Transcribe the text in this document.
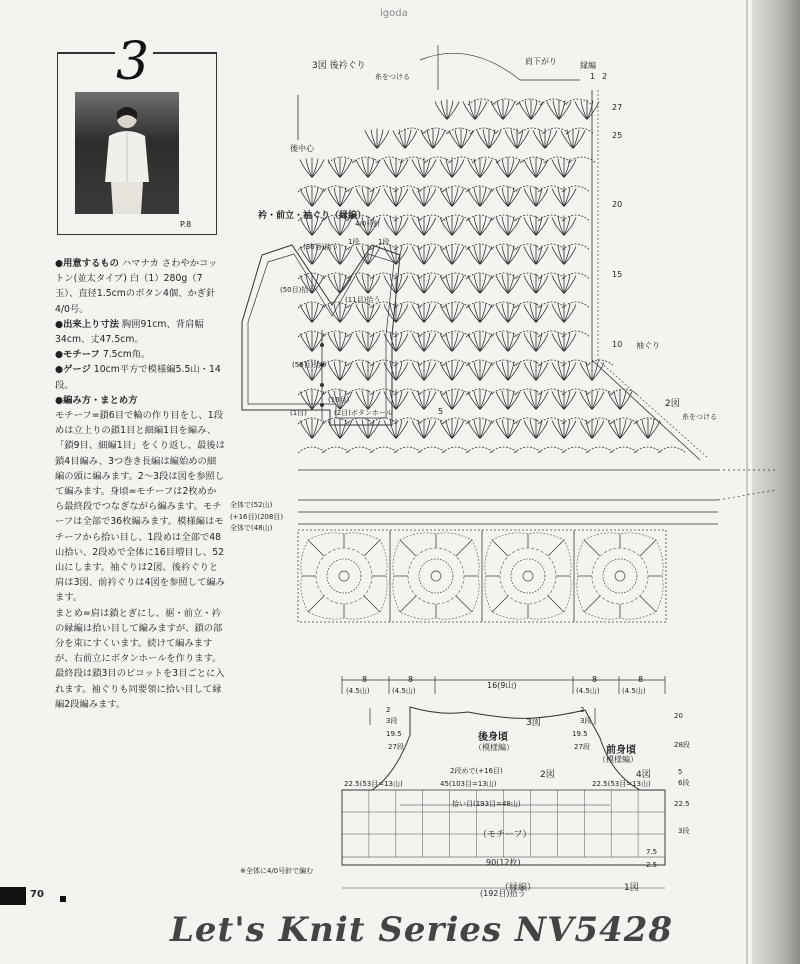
igoda
3
P.8

●用意するもの ハマナカ さわやかコットン(並太タイプ) 白（1）280g（7玉）、直径1.5cmのボタン4個、かぎ針4/0号。

●出来上り寸法 胸囲91cm、背肩幅34cm、丈47.5cm。

●モチーフ 7.5cm角。

●ゲージ 10cm平方で模様編5.5山・14段。

●編み方・まとめ方

モチーフ=鎖6目で輪の作り目をし、1段めは立上りの鎖1目と細編1目を編み、「鎖9目、細編1目」をくり返し、最後は鎖4目編み、3つ巻き長編は編始めの細編の頭に編みます。2～3段は図を参照して編みます。身頃=モチーフは2枚めから最終段でつなぎながら編みます。モチーフは全部で36枚編みます。模様編はモチーフから拾い目し、1段めは全部で48山拾い、2段めで全体に16目増目し、52山にします。袖ぐりは2図、後衿ぐりと肩は3図、前衿ぐりは4図を参照して編みます。

まとめ=肩は鎖とぎにし、裾・前立・衿の縁編は拾い目して編みますが、鎖の部分を束にすくいます。続けて編みますが、右前立にボタンホールを作ります。最終段は鎖3目のピコットを3目ごとに入れます。袖ぐりも同要領に拾い目して縁編2段編みます。

3図 後衿ぐり	肩下がり
糸をつける
縁編
1 2
後中心
27
25
20
15
10
5
袖ぐり
2図
糸をつける
全体で(52山)
(+16目)(208目)
全体で(48山)
衿・前立・袖ぐり（縁編）
4/0号針
(30目)拾う
(50目)拾う
(11目)拾う
(56目)拾う
(16目)
(1目)	(2目)ボタンホール
1段	1段
8
(4.5山)
8
(4.5山)
16(9山)
8
(4.5山)
8
(4.5山)
後身頃
（模様編）	前身頃
（模様編）
3図
2図	4図
1図
（モチーフ）
（縁編）
2段めで(+16目)
45(103目=13山)
22.5(53目=13山)	22.5(53目=13山)
拾い目(193目=48山)
90(12枚)
(192目)拾う
19.5
27段
2
3段
2
3段
19.5
27段
20
28段
5
6段
22.5
3段
7.5
2.5
※全体に4/0号針で編む
70
Let's Knit Series NV5428
